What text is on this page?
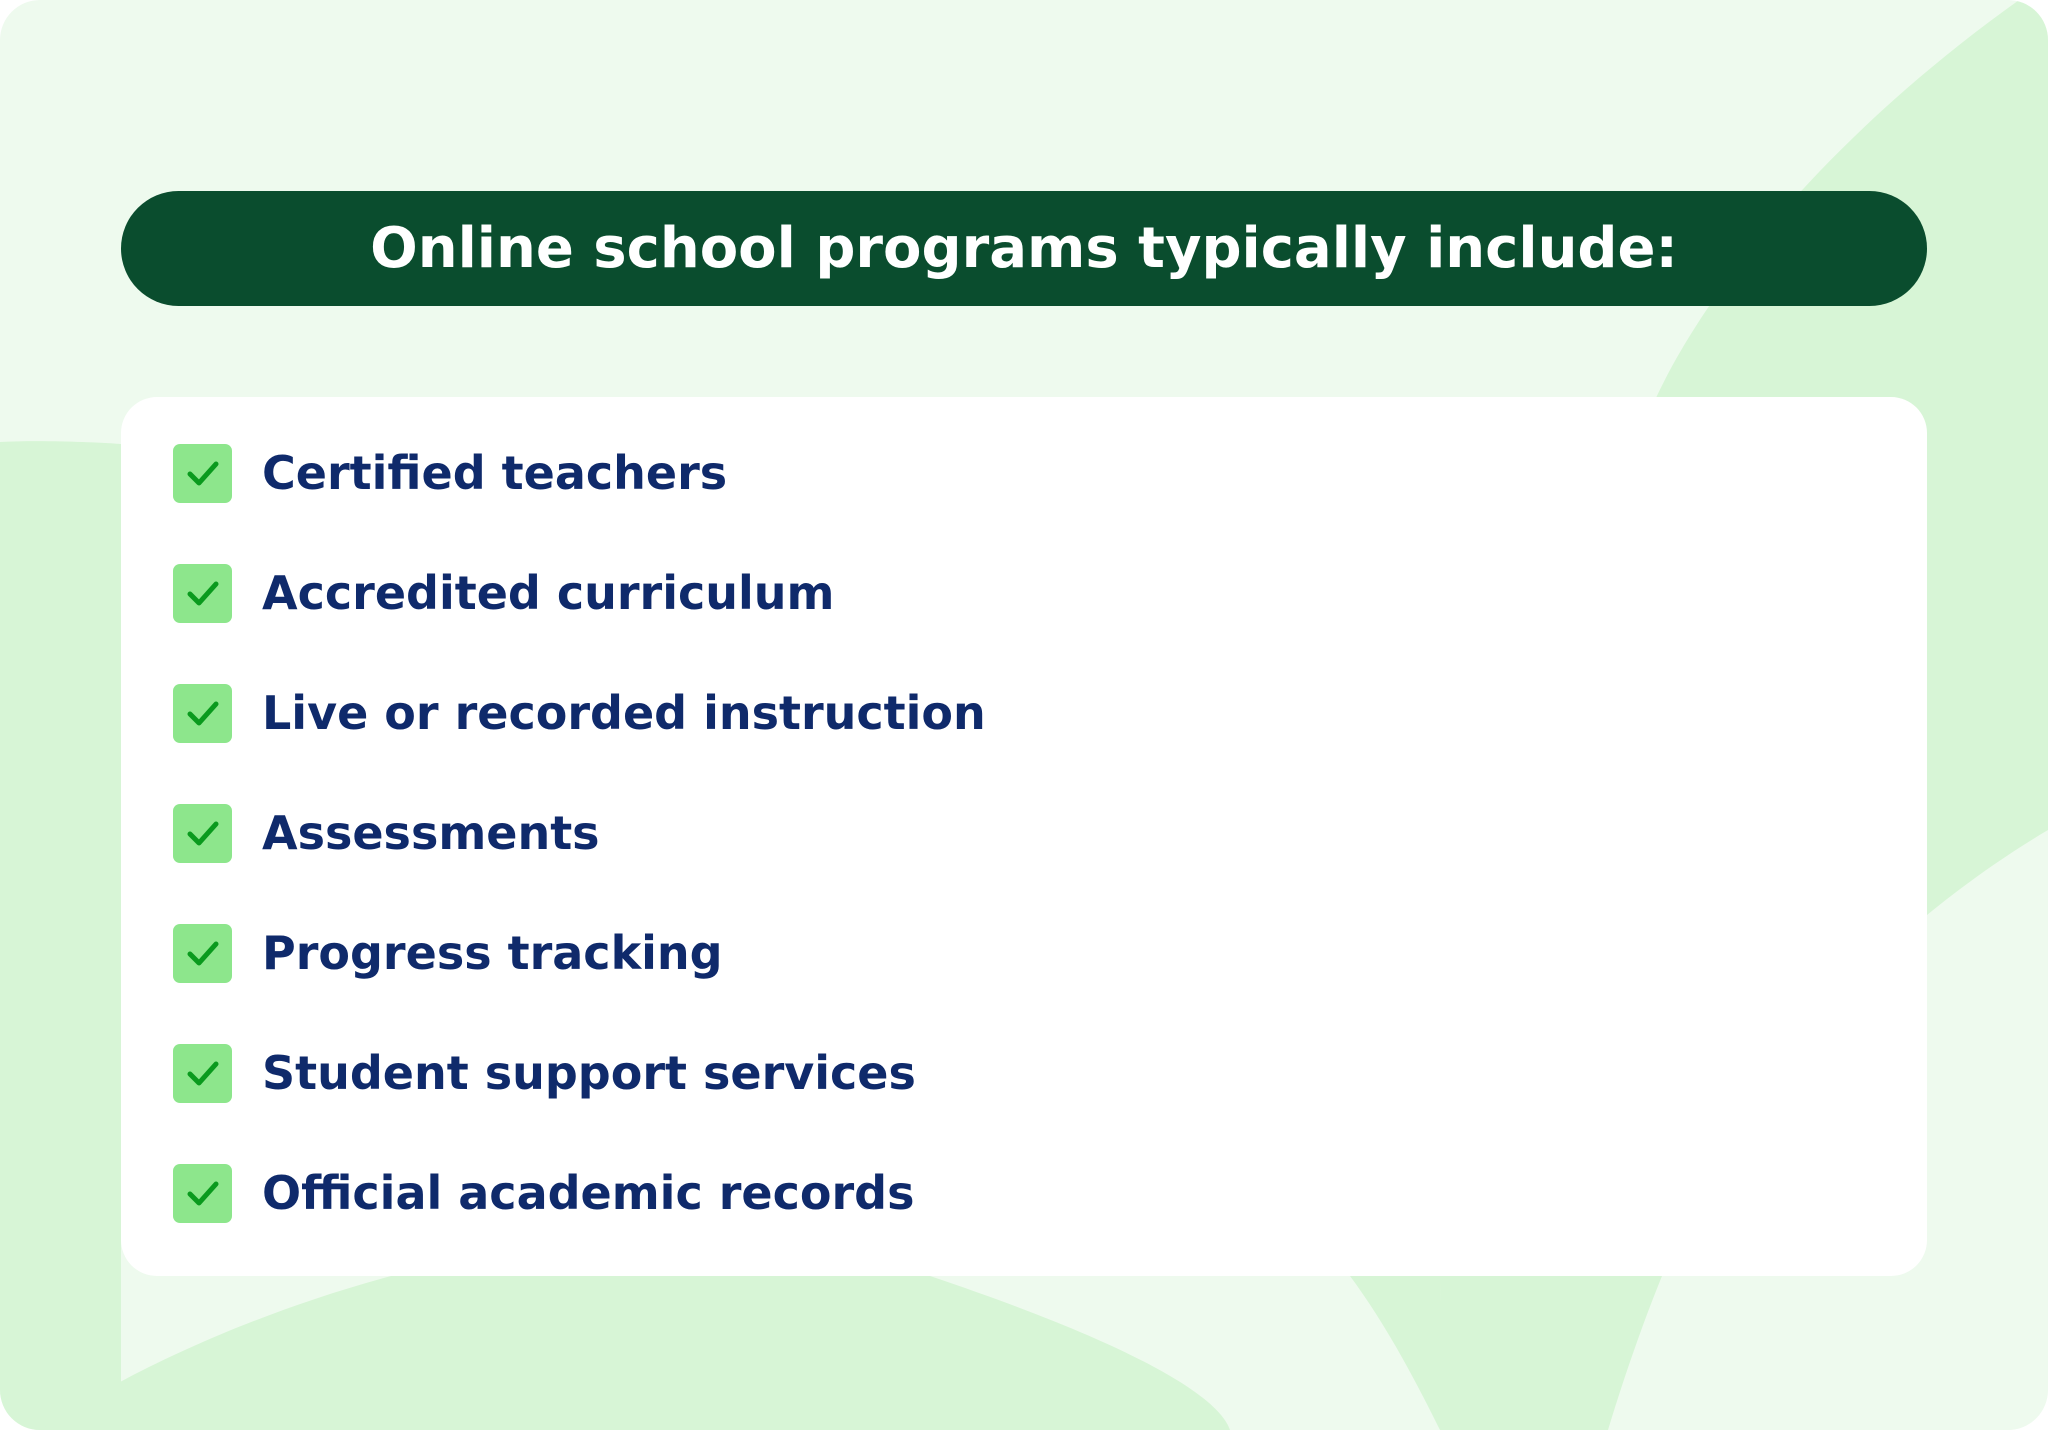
Online school programs typically include:
Certified teachers
Accredited curriculum
Live or recorded instruction
Assessments
Progress tracking
Student support services
Official academic records
